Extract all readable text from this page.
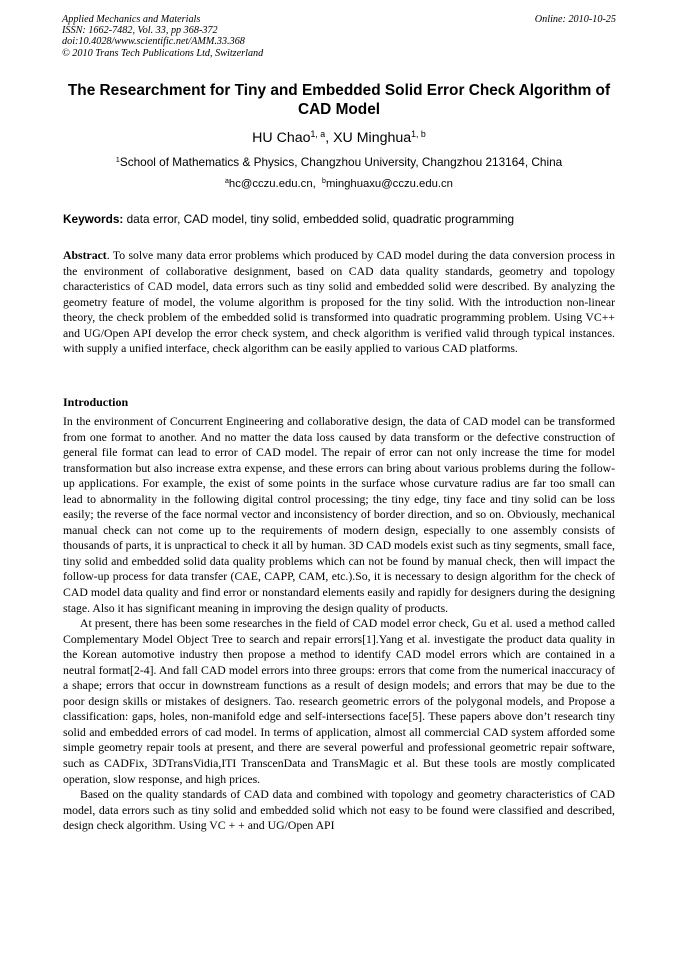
Applied Mechanics and Materials
ISSN: 1662-7482, Vol. 33, pp 368-372
doi:10.4028/www.scientific.net/AMM.33.368
© 2010 Trans Tech Publications Ltd, Switzerland
Online: 2010-10-25
The Researchment for Tiny and Embedded Solid Error Check Algorithm of CAD Model
HU Chao$^{1, a}$, XU Minghua$^{1, b}$
$^1$School of Mathematics & Physics, Changzhou University, Changzhou 213164, China
$^a$hc@cczu.edu.cn, $^b$minghuaxu@cczu.edu.cn
Keywords: data error, CAD model, tiny solid, embedded solid, quadratic programming
Abstract. To solve many data error problems which produced by CAD model during the data conversion process in the environment of collaborative designment, based on CAD data quality standards, geometry and topology characteristics of CAD model, data errors such as tiny solid and embedded solid were described. By analyzing the geometry feature of model, the volume algorithm is proposed for the tiny solid. With the introduction non-linear theory, the check problem of the embedded solid is transformed into quadratic programming problem. Using VC++ and UG/Open API develop the error check system, and check algorithm is verified valid through typical instances. with supply a unified interface, check algorithm can be easily applied to various CAD platforms.
Introduction

In the environment of Concurrent Engineering and collaborative design, the data of CAD model can be transformed from one format to another. And no matter the data loss caused by data transform or the defective construction of general file format can lead to error of CAD model. The repair of error can not only increase the time for model transformation but also increase extra expense, and these errors can bring about various problems during the follow-up applications. For example, the exist of some points in the surface whose curvature radius are far too small can lead to abnormality in the following digital control processing; the tiny edge, tiny face and tiny solid can be loss easily; the reverse of the face normal vector and inconsistency of border direction, and so on. Obviously, mechanical manual check can not come up to the requirements of modern design, especially to one assembly consists of thousands of parts, it is unpractical to check it all by human. 3D CAD models exist such as tiny segments, small face, tiny solid and embedded solid data quality problems which can not be found by manual check, then will impact the follow-up process for data transfer (CAE, CAPP, CAM, etc.).So, it is necessary to design algorithm for the check of CAD model data quality and find error or nonstandard elements easily and rapidly for designers during the designing stage. Also it has significant meaning in improving the design quality of products.

At present, there has been some researches in the field of CAD model error check, Gu et al. used a method called Complementary Model Object Tree to search and repair errors[1].Yang et al. investigate the product data quality in the Korean automotive industry then propose a method to identify CAD model errors which are contained in a neutral format[2-4]. And fall CAD model errors into three groups: errors that come from the numerical inaccuracy of a shape; errors that occur in downstream functions as a result of design models; and errors that may be due to the poor design skills or mistakes of designers. Tao. research geometric errors of the polygonal models, and Propose a classification: gaps, holes, non-manifold edge and self-intersections face[5]. These papers above don’t research tiny solid and embedded errors of cad model. In terms of application, almost all commercial CAD system afforded some simple geometry repair tools at present, and there are several powerful and professional geometric repair software, such as CADFix, 3DTransVidia,ITI TranscenData and TransMagic et al. But these tools are mostly complicated operation, slow response, and high prices.

Based on the quality standards of CAD data and combined with topology and geometry characteristics of CAD model, data errors such as tiny solid and embedded solid which not easy to be found were classified and described, design check algorithm. Using VC + + and UG/Open API
